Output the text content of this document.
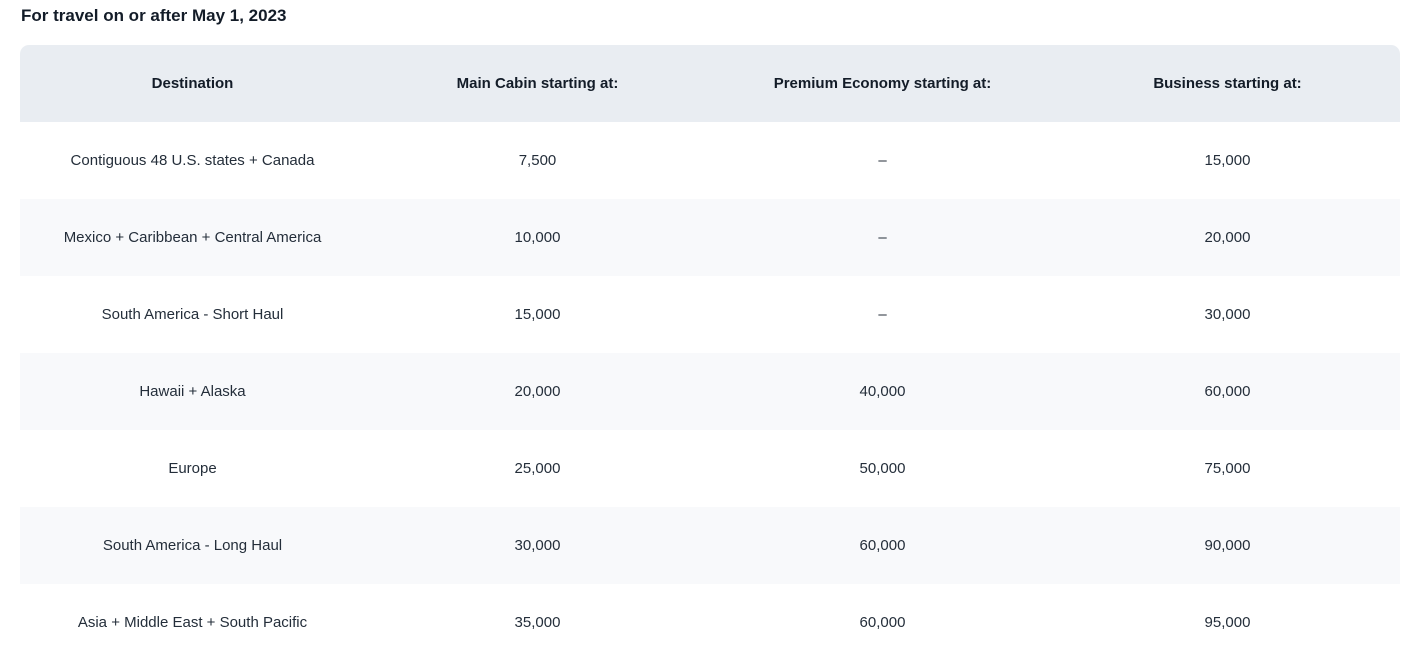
For travel on or after May 1, 2023
Destination	Main Cabin starting at:	Premium Economy starting at:	Business starting at:
Contiguous 48 U.S. states + Canada	7,500	–	15,000
Mexico + Caribbean + Central America	10,000	–	20,000
South America - Short Haul	15,000	–	30,000
Hawaii + Alaska	20,000	40,000	60,000
Europe	25,000	50,000	75,000
South America - Long Haul	30,000	60,000	90,000
Asia + Middle East + South Pacific	35,000	60,000	95,000
